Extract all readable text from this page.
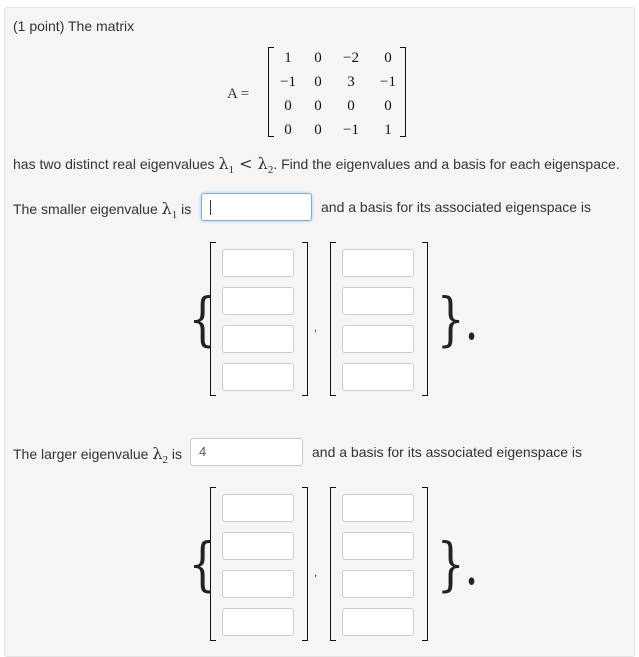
(1 point) The matrix
A =
1	0	−2	0
−1	0	3	−1
0	0	0	0
0	0	−1	1
has two distinct real eigenvalues $\lambda_1 < \lambda_2$. Find the eigenvalues and a basis for each eigenspace.
The smaller eigenvalue $\lambda_1$ is	and a basis for its associated eigenspace is
{	, }.
The larger eigenvalue $\lambda_2$ is	4	and a basis for its associated eigenspace is
{	, }.
